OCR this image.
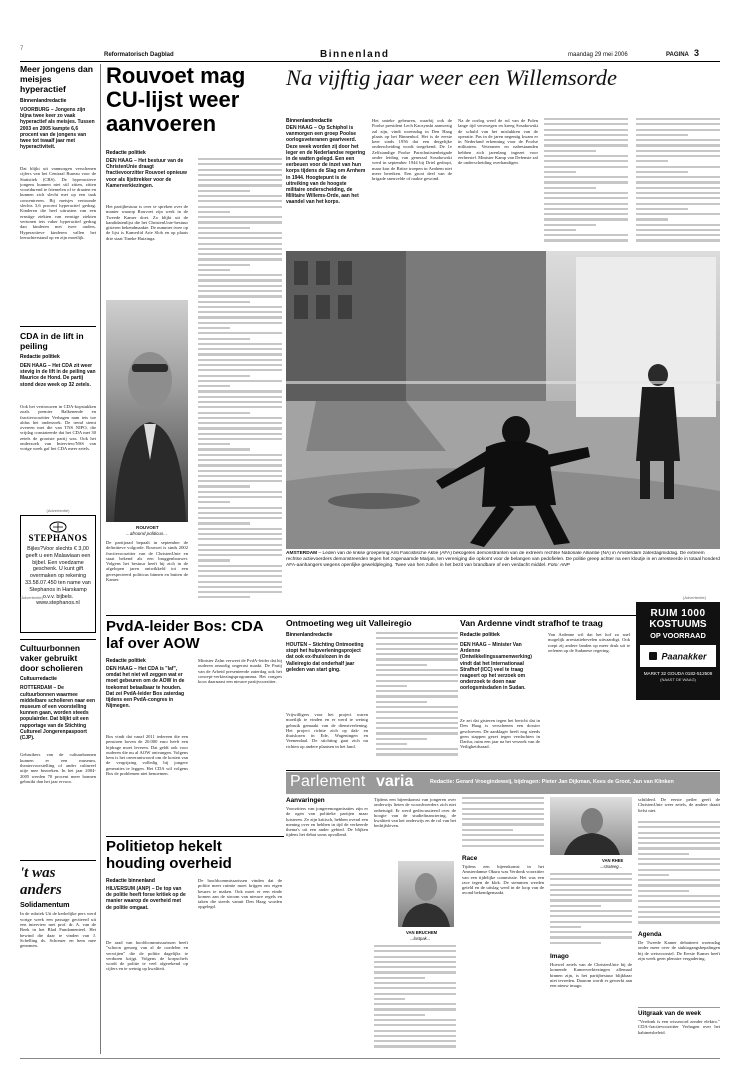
7
Reformatorisch Dagblad	Binnenland	maandag 29 mei 2006	PAGINA 3
Meer jongens dan meisjes hyperactief
Binnenlandredactie
VOORBURG – Jongens zijn bijna twee keer zo vaak hyperactief als meisjes. Tussen 2003 en 2005 kampte 6,6 procent van de jongens van twee tot twaalf jaar met hyperactiviteit.
Dat blijkt uit vanmorgen verschenen cijfers van het Centraal Bureau voor de Statistiek (CBS). De hyperactieve jongens kunnen niet stil zitten, zitten voortdurend te friemelen of te draaien en kunnen zich slecht met op een taak concentreren. Bij meisjes vertoonde slechts 3,6 procent hyperactief gedrag. Kinderen die heel uitrusten van een ernstige ziekten van ernstige ziekten vertonen iets vaker hyperactief gedrag dan kinderen met twee ouders. Hyperactieve kinderen vallen het leerachterstand op en zijn moeilijk.
CDA in de lift in peiling
Redactie politiek
DEN HAAG – Het CDA zit weer stevig in de lift in de peiling van Maurice de Hond. De partij stond deze week op 32 zetels.
Ook het vertrouwen in CDA-kopstukken zoals premier Balkenende en fractievoorzitter Verhagen nam iets toe aldus het onderzoek. De trend stemt overeen met die van TNS NIPO, die vrijdag constateerde dat het CDA met 30 zetels de grootste partij was. Ook het onderzoek van Interview/NSS van vorige week gaf het CDA meer zetels.
(Advertentie)
STEPHANOS
Bijles?Voor slechts € 3,00 geeft u een Malawiaan een bijbel. Een voedzame geschenk. U kunt gift overmaken op rekening 33.58.07.450 ten name van Stephanos in Harskamp o.v.v. bijbels. www.stephanos.nl
Cultuurbonnen vaker gebruikt door scholieren
Cultuurredactie
ROTTERDAM – De cultuurbonnen waarmee middelbare scholieren naar een museum of een voorstelling kunnen gaan, worden steeds populairder. Dat blijkt uit een rapportage van de Stichting Cultureel Jongerenpaspoort (CJP).
Gebruikers van de cultuurbonnen kunnen er een museum, theatervoorstelling of ander cultureel uitje mee bezoeken. In het jaar 2004-2005 werden 70 procent meer bonnen gebruikt dan het jaar ervoor.
't was anders
Solidamentum
In de rubriek Uit de kerkelijke pers werd vorige week een passage geciteerd uit een interview met prof. dr. A. van de Beek in het Blad Fundamenteel. Het bewind die daar te vinden van J. Schelling ds. Schreuer en hem mee genomen.
Rouvoet mag CU-lijst weer aanvoeren
Redactie politiek
DEN HAAG – Het bestuur van de ChristenUnie draagt fractievoorzitter Rouvoet opnieuw voor als lijsttrekker voor de Kamerverkiezingen.
Het partijbestuur is over te spreken over de manier waarop Rouvoet zijn werk in de Tweede Kamer doet. Zo blijkt uit de kandidatenlijst die het ChristenUnie-bestuur gisteren bekendmaakte. De nummer twee op de lijst is Kamerlid Arie Slob en op plaats drie staat Tineke Huizinga.
ROUVOET
...afroond politicus...
De partijraad bepaalt in september de definitieve volgorde. Rouvoet is sinds 2002 fractievoorzitter van de ChristenUnie en staat bekend als een bruggenbouwer. Volgens het bestuur heeft hij zich in de afgelopen jaren ontwikkeld tot een gerespecteerd politicus binnen en buiten de Kamer.
Na vijftig jaar weer een Willemsorde
Binnenlandredactie
DEN HAAG – Op Schiphol is vanmorgen een groep Poolse oorlogsveteranen geariveerd. Deze week worden zij door het leger en de Nederlandse regering in de watten gelegd. Een een eerbeuen voor de inzet van hun korps tijdens de Slag om Arnhem in 1944. Hoogtepunt is de uitreiking van de hoogste militaire onderscheiding, de Militaire Willems-Orde, aan het vaandel van het korps.
Het unieke gebeuren, waarbij ook de Poolse president Lech Kaczynski aanwezig zal zijn, vindt woensdag in Den Haag plaats op het Binnenhof. Het is de eerste keer sinds 1956 dat een dergelijke onderscheiding wordt toegekend. De 1e Zelfstandige Poolse Parachutistenbrigade onder leiding van generaal Sosabowski werd in september 1944 bij Driel gedropt, maar kon de Britse troepen in Arnhem niet meer bereiken. Een groot deel van de brigade sneuvelde of raakte gewond.
Na de oorlog werd de rol van de Polen lange tijd verzwegen en kreeg Sosabowski de schuld van het mislukken van de operatie. Pas in de jaren negentig kwam er in Nederland erkenning voor de Poolse militairen. Veteranen en nabestaanden hebben zich jarenlang ingezet voor eerherstel. Minister Kamp van Defensie zal de onderscheiding overhandigen.
AMSTERDAM – Leden van de linkse groepering Anti Fascistische Aktie (AFA) bekogelen demonstranten van de extreem rechtse Nationale Alliantie (NA) in Amsterdam zaterdagmiddag. De extreem rechtse actievoerders demonstreerden tegen het zogenaamde Marjan, ten vereniging die opkomt voor de belangen van pedofielen. De politie greep achter na een kloutje in en arresteerde in totaal honderd AFA-aanhangers wegens openlijke geweldpleging. Twee van hen zullen in het bezit van brandbare of een verdacht middel. Foto: ANP
(Advertentie)	(Advertentie)
PvdA-leider Bos: CDA laf over AOW
Redactie politiek
DEN HAAG – Het CDA is "laf", omdat het niet wil zeggen wat er moet gebeuren om de AOW in de toekomst betaalbaar te houden. Dat zei PvdA-leider Bos zaterdag tijdens een PvdA-congres in Nijmegen.
Bos vindt dat vanaf 2011 iedereen die een pensioen boven de 20.000 euro heeft een bijdrage moet leveren. Dat geldt ook voor ouderen die nu al AOW ontvangen. Volgens hem is het onverantwoord om de kosten van de vergrijzing volledig bij jongere generaties te leggen. Het CDA wil volgens Bos de problemen niet benoemen.
Minister Zalm verweet de PvdA-leider dat hij ouderen onnodig ongerust maakt. De Partij van de Arbeid presenteerde zaterdag ook het concept-verkiezingsprogramma. Het congres koos daarnaast een nieuwe partijvoorzitter.
Ontmoeting weg uit Valleiregio
Binnenlandredactie
HOUTEN – Stichting Ontmoeting stopt het hulpverleningsproject dat ook ex-thuislozen in de Valleiregio dat onderhalf jaar geleden van start ging.
Vrijwilligers voor het project waren moeilijk te vinden en er werd te weinig gebruik gemaakt van de dienstverlening. Het project richtte zich op dak- en thuislozen in Ede, Wageningen en Veenendaal. De stichting gaat zich nu richten op andere plaatsen in het land.
Van Ardenne vindt strafhof te traag
Redactie politiek
DEN HAAG – Minister Van Ardenne (Ontwikkelingssamenwerking) vindt dat het Internationaal Strafhof (ICC) veel te traag reageert op het verzoek om onderzoek te doen naar oorlogsmisdaden in Sudan.
Ze zei dat gisteren tegen het bericht dat in Den Haag is verschenen een dossier geschreven. De aanklager heeft nog steeds geen stappen gezet tegen verdachten in Darfur, ruim een jaar na het verzoek van de Veiligheidsraad.
Van Ardenne wil dat het hof zo snel mogelijk arrestatiebevelen uitvaardigt. Ook roept zij andere landen op meer druk uit te oefenen op de Sudanese regering.
RUIM 1000
KOSTUUMS
OP VOORRAAD
Paanakker
MARKT 32 GOUDA 0182-512509
(NAAST DE WAAG)
Parlement varia	Redactie: Gerard Vroegindeweij, bijdragen: Pieter Jan Dijkman, Kees de Groot, Jan van Klinken
Aanvaringen
Voorzitters van jongerenorganisaties zijn er de ogen van politieke partijen maar luisteren. Ze zijn kritisch, hebben overal een mening over en hebben in tijd de verkeerde thema's uit een ander gebied. De blijken tijdens het debat soms opvallend.
Tijdens een bijeenkomst van jongeren over onderwijs lieten de woordvoerders zich niet onbetuigd. Er werd gediscussieerd over de hoogte van de studiefinanciering, de kwaliteit van het onderwijs en de rol van het bedrijfsleven.
VAN BRUCHEM
...lastpak...
Race
Tijdens een bijeenkomst in het Amsterdamse Okura was Verdonk voorzitter van een tijdelijke commissie. Het was een race tegen de klok. De stemmen werden geteld en de uitslag werd in de loop van de avond bekendgemaakt.
VAN RHEE
...strateeg...
Imago
Hoewel zetels van de ChristenUnie bij de komende Kamerverkiezingen allemaal binnen zijn, is het partijbestuur blijkbaar niet tevreden. Daarom wordt er gewerkt aan een nieuw imago.
schilderd. De eerste peiler geeft de ChristenUnie weer zetels, de andere draait liefst niet.
Agenda
De Tweede Kamer debatteert woensdag onder meer over de stuktogangsbepalingen bij de wetsvoorstel. De Eerste Kamer heeft zijn week geen plenaire vergadering.
Uitgraak van de week
"Verdonk is een wisseoord zonder elektro." CDA-fractievoorzitter Verhagen over het kabinetsbeleid.
Politietop hekelt houding overheid
Redactie binnenland
HILVERSUM (ANP) – De top van de politie heeft forse kritiek op de manier waarop de overheid met de politie omgaat.
De raad van hoofdcommissarissen heeft "schoon genoeg van al de oordelen en verwijten" die de politie dagelijks te verduren krijgt. Volgens de korpschefs wordt de politie te veel afgerekend op cijfers en te weinig op kwaliteit.
De hoofdcommissarissen vinden dat de politie meer ruimte moet krijgen om eigen keuzes te maken. Ook moet er een einde komen aan de stroom van nieuwe regels en taken die steeds vanuit Den Haag worden opgelegd.
